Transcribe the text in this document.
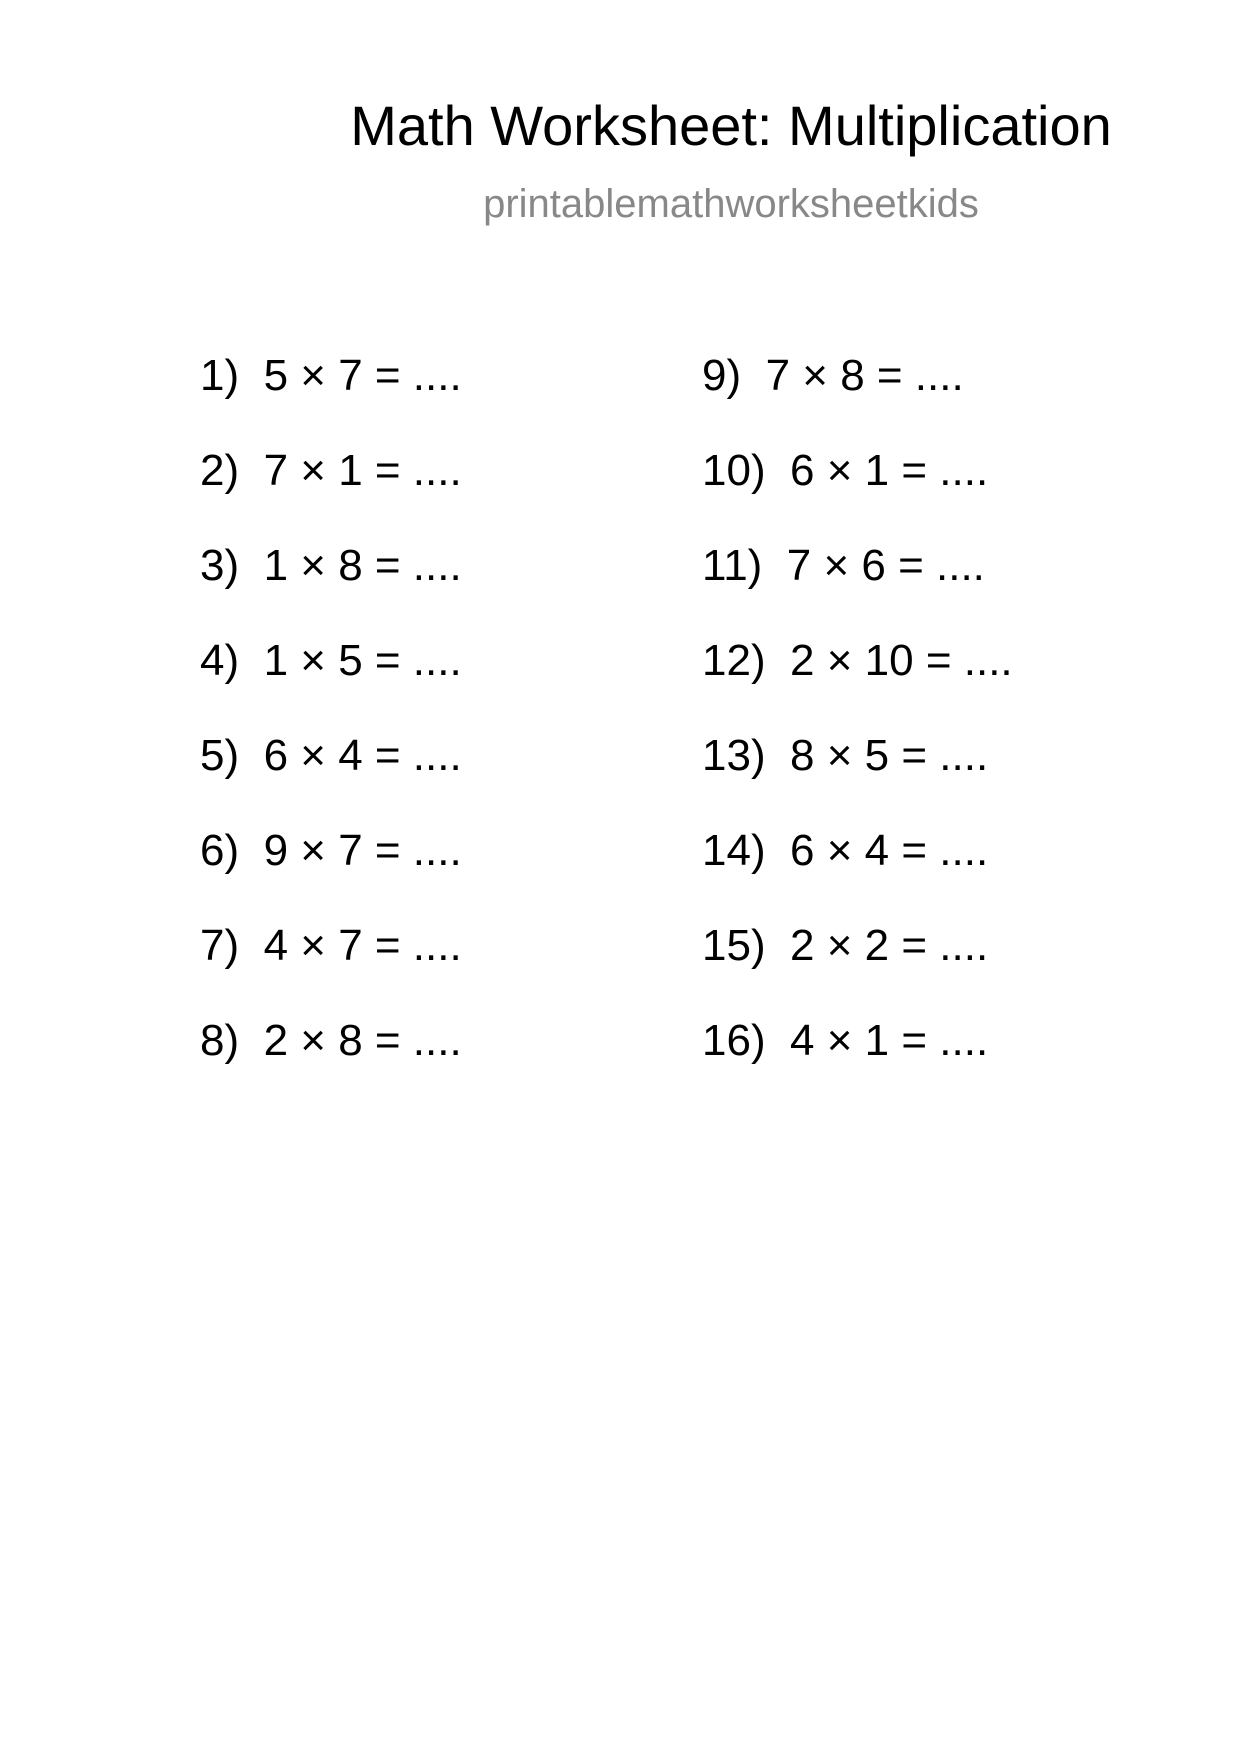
Math Worksheet: Multiplication
printablemathworksheetkids
1) 5 × 7 = ....
2) 7 × 1 = ....
3) 1 × 8 = ....
4) 1 × 5 = ....
5) 6 × 4 = ....
6) 9 × 7 = ....
7) 4 × 7 = ....
8) 2 × 8 = ....
9) 7 × 8 = ....
10) 6 × 1 = ....
11) 7 × 6 = ....
12) 2 × 10 = ....
13) 8 × 5 = ....
14) 6 × 4 = ....
15) 2 × 2 = ....
16) 4 × 1 = ....
